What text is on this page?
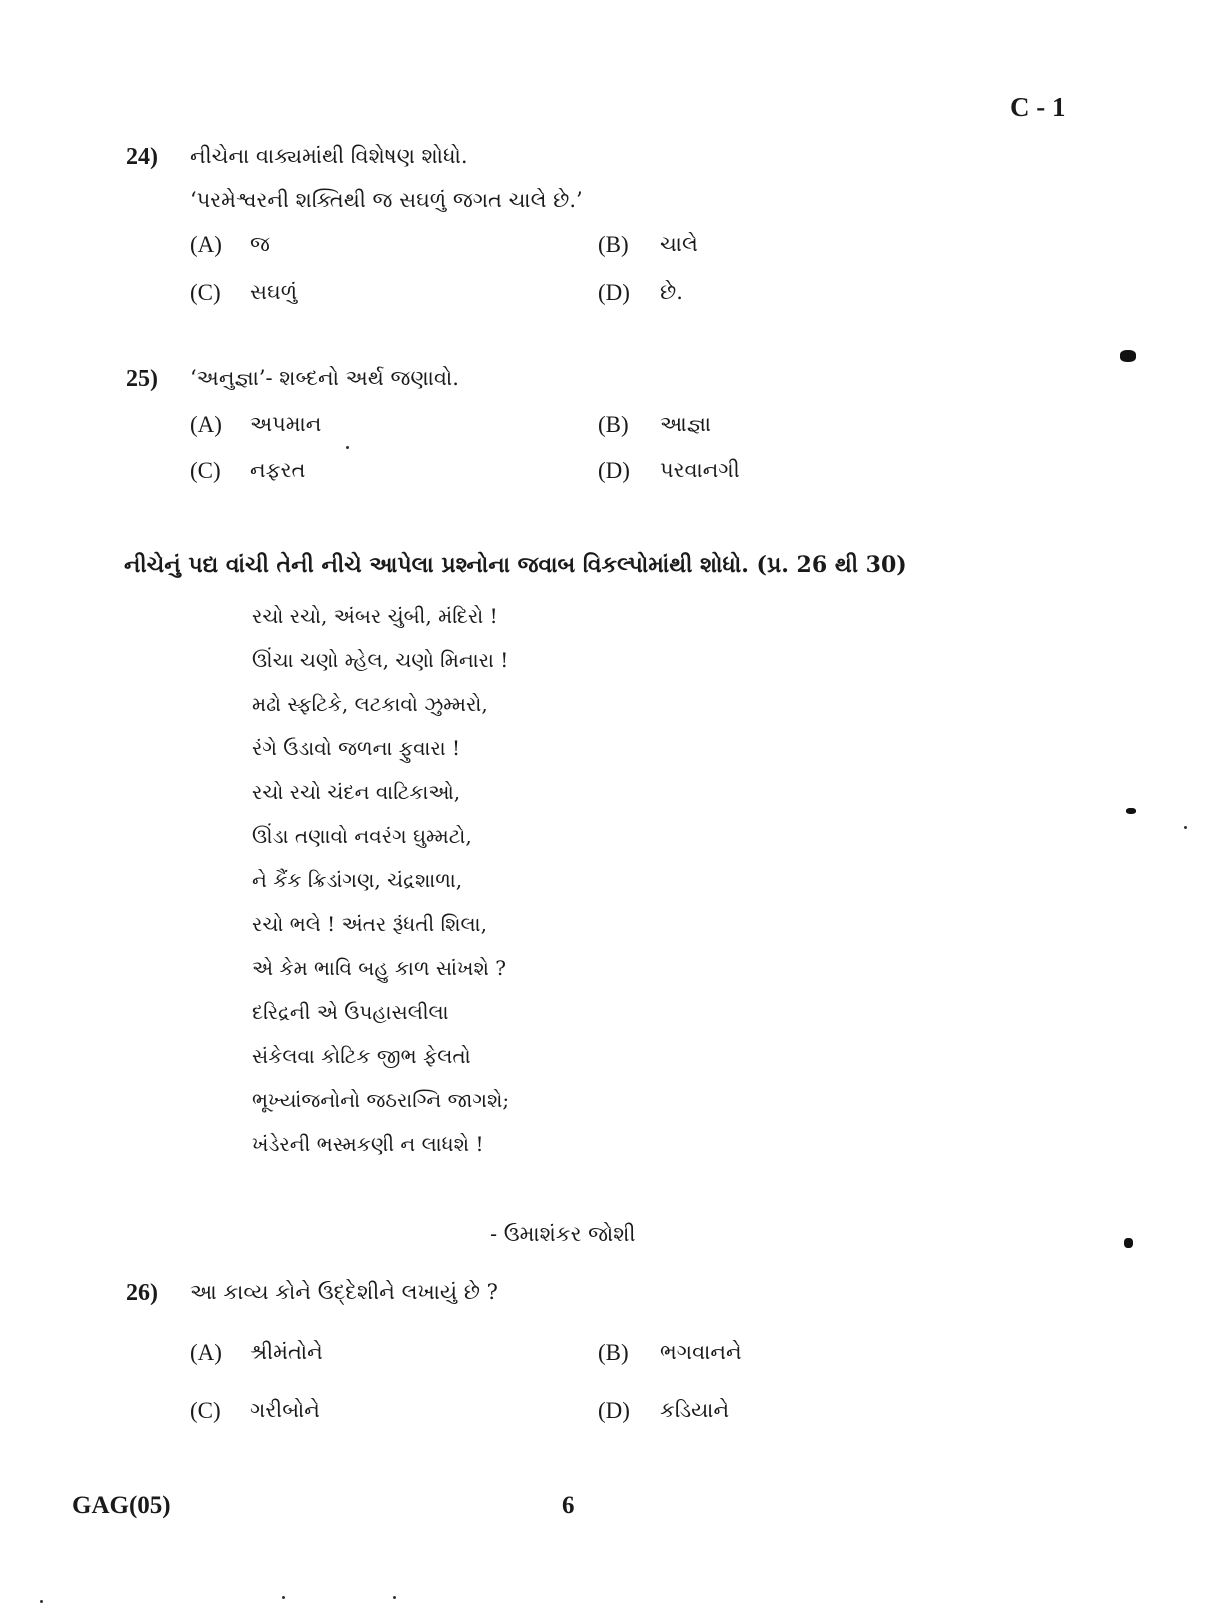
C - 1
24) નીચેના વાક્યમાંથી વિશેષણ શોધો.
‘પરમેશ્વરની શક્તિથી જ સઘળું જગત ચાલે છે.’
(A) જ	(B) ચાલે
(C) સઘળું	(D) છે.
25) ‘અનુજ્ઞા’- શબ્દનો અર્થ જણાવો.
(A) અપમાન	(B) આજ્ઞા
(C) નફરત	(D) પરવાનગી
નીચેનું પદ્ય વાંચી તેની નીચે આપેલા પ્રશ્નોના જવાબ વિકલ્પોમાંથી શોધો. (પ્ર. 26 થી 30)
રચો રચો, અંબર ચુંબી, મંદિરો !
ઊંચા ચણો મ્હેલ, ચણો મિનારા !
મઢો સ્ફટિકે, લટકાવો ઝુમ્મરો,
રંગે ઉડાવો જળના ફુવારા !
રચો રચો ચંદન વાટિકાઓ,
ઊંડા તણાવો નવરંગ ઘુમ્મટો,
ને કૈંક ક્રિડાંગણ, ચંદ્રશાળા,
રચો ભલે ! અંતર રૂંધતી શિલા,
એ કેમ ભાવિ બહુ કાળ સાંખશે ?
દરિદ્રની એ ઉપહાસલીલા
સંકેલવા કોટિક જીભ ફેલતો
ભૂખ્યાંજનોનો જઠરાગ્નિ જાગશે;
ખંડેરની ભસ્મકણી ન લાધશે !
- ઉમાશંકર જોશી
26) આ કાવ્ય કોને ઉદ્દેશીને લખાયું છે ?
(A) શ્રીમંતોને	(B) ભગવાનને
(C) ગરીબોને	(D) કડિયાને
GAG(05)	6
